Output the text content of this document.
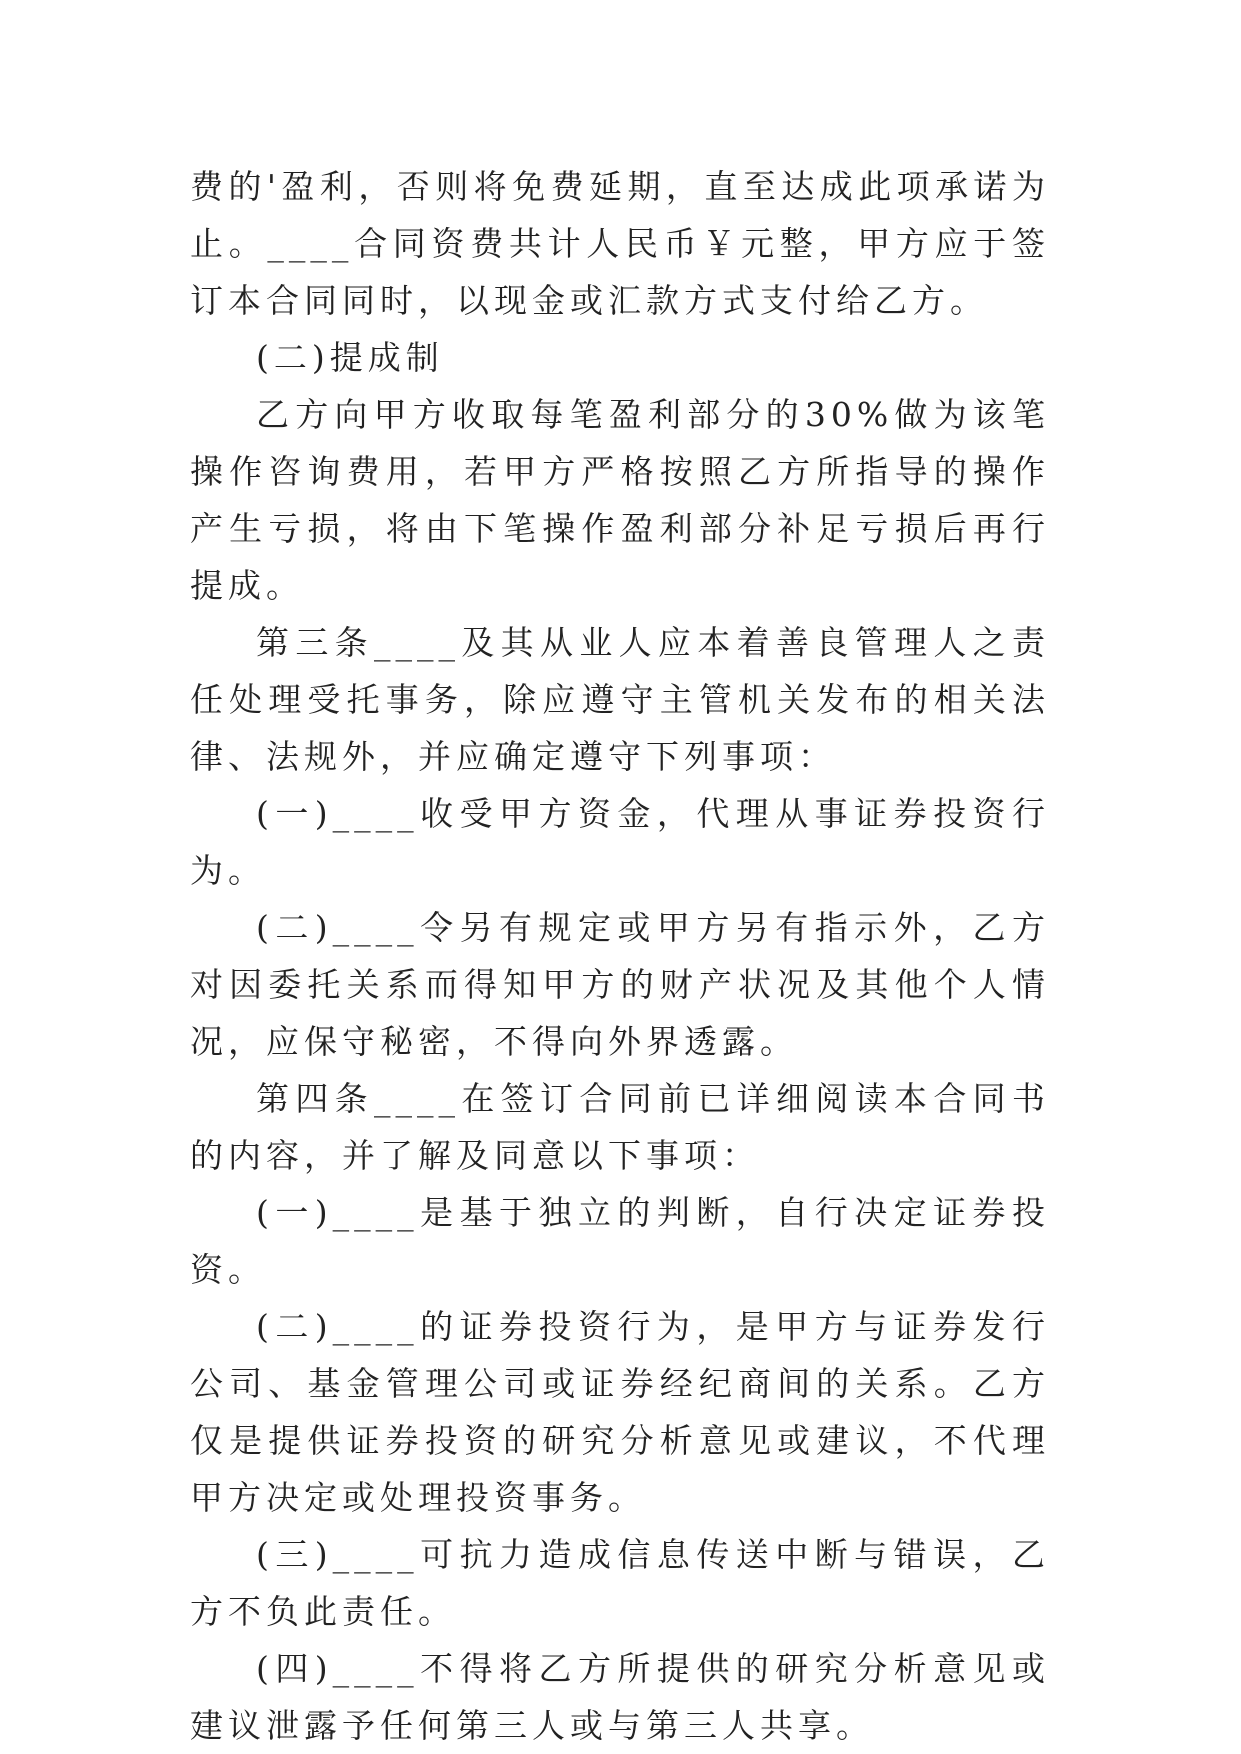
费的'盈利，否则将免费延期，直至达成此项承诺为止。____合同资费共计人民币￥元整，甲方应于签订本合同同时，以现金或汇款方式支付给乙方。

(二)提成制

乙方向甲方收取每笔盈利部分的30%做为该笔操作咨询费用，若甲方严格按照乙方所指导的操作产生亏损，将由下笔操作盈利部分补足亏损后再行提成。

第三条____及其从业人应本着善良管理人之责任处理受托事务，除应遵守主管机关发布的相关法律、法规外，并应确定遵守下列事项：

(一)____收受甲方资金，代理从事证券投资行为。

(二)____令另有规定或甲方另有指示外，乙方对因委托关系而得知甲方的财产状况及其他个人情况，应保守秘密，不得向外界透露。

第四条____在签订合同前已详细阅读本合同书的内容，并了解及同意以下事项：

(一)____是基于独立的判断，自行决定证券投资。

(二)____的证券投资行为，是甲方与证券发行公司、基金管理公司或证券经纪商间的关系。乙方仅是提供证券投资的研究分析意见或建议，不代理甲方决定或处理投资事务。

(三)____可抗力造成信息传送中断与错误，乙方不负此责任。

(四)____不得将乙方所提供的研究分析意见或建议泄露予任何第三人或与第三人共享。
